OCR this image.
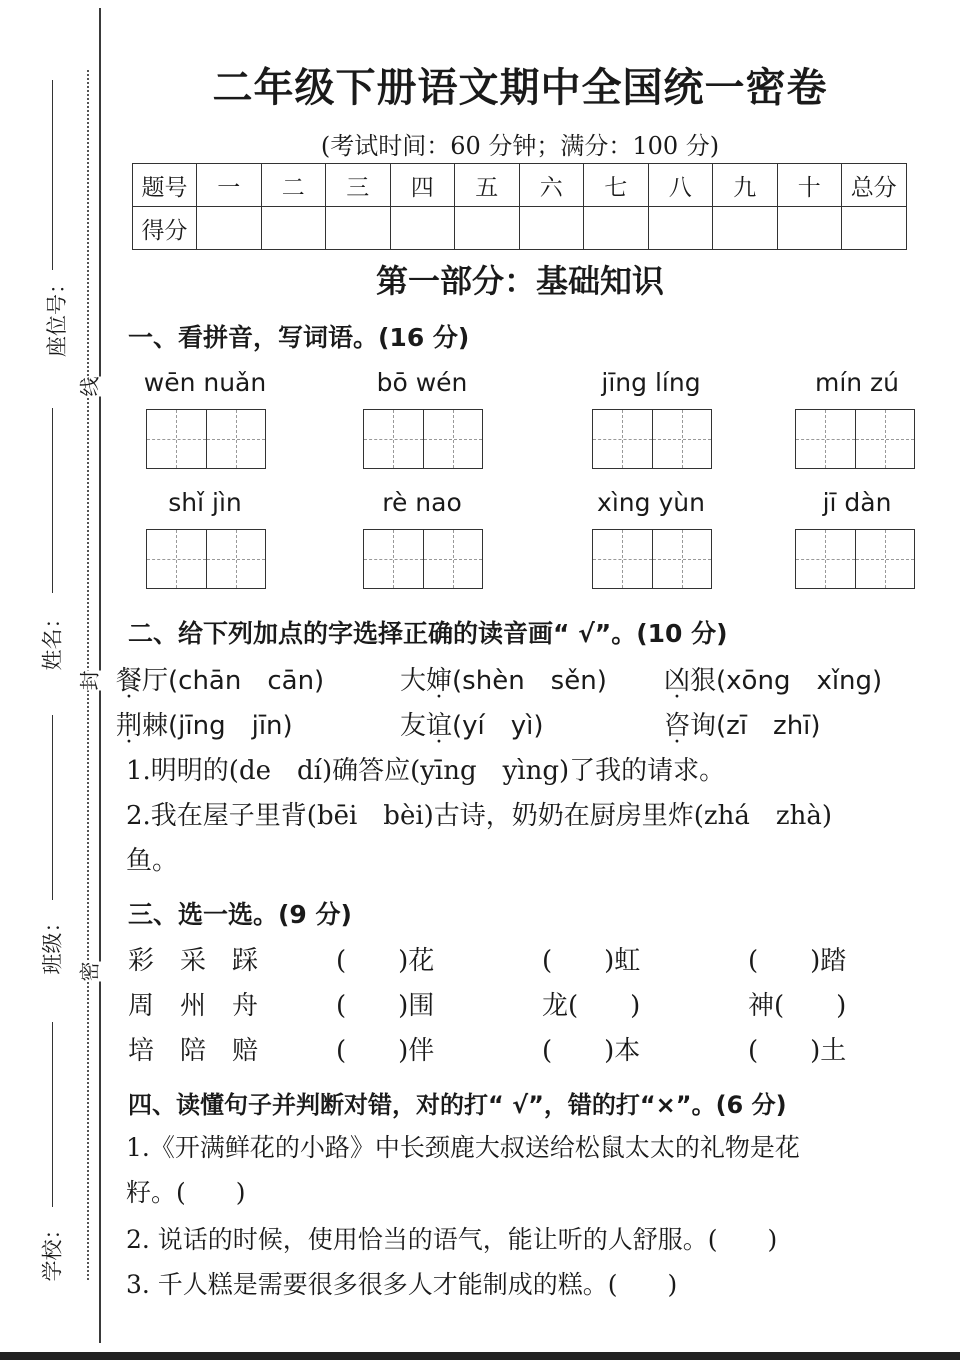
线
封
密
座位号：
姓名：
班级：
学校：
二年级下册语文期中全国统一密卷
(考试时间：60 分钟；满分：100 分)
题号	一	二	三	四	五	六	七	八	九	十	总分
得分											
第一部分：基础知识
一、看拼音，写词语。(16 分)
wēn nuǎn	bō wén	jīng líng	mín zú
shǐ jìn	rè nao	xìng yùn	jī dàn
二、给下列加点的字选择正确的读音画“ √”。(10 分)
餐厅(chān　cān)	大婶(shèn　sěn) 凶狠(xōng　xǐng)
荆棘(jīng　jīn)	友谊(yí　yì)	咨询(zī　zhī)
1.明明的(de　dí)确答应(yīng　yìng)了我的请求。
2.我在屋子里背(bēi　bèi)古诗，奶奶在厨房里炸(zhá　zhà)
鱼。
三、选一选。(9 分)
彩　采　踩	(　　)花	(　　)虹	(　　)踏
周　州　舟	(　　)围	龙(　　)	神(　　)
培　陪　赔	(　　)伴	(　　)本	(　　)土
四、读懂句子并判断对错，对的打“ √”，错的打“×”。(6 分)
1.《开满鲜花的小路》中长颈鹿大叔送给松鼠太太的礼物是花
籽。(　　)
2. 说话的时候，使用恰当的语气，能让听的人舒服。(　　)
3. 千人糕是需要很多很多人才能制成的糕。(　　)
